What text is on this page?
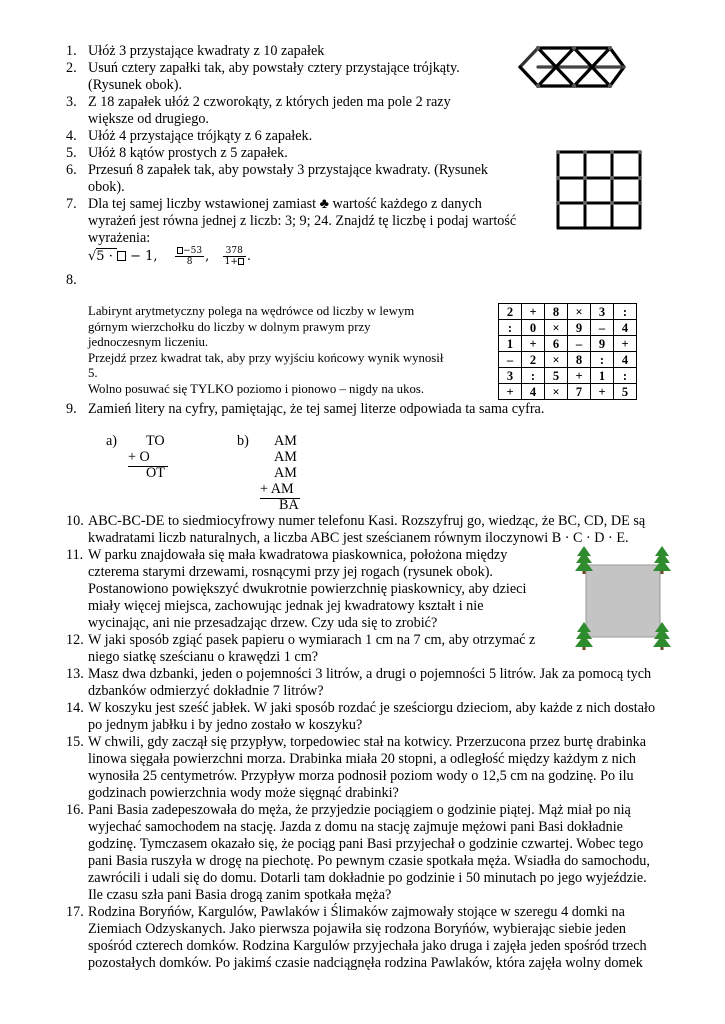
1. Ułóż 3 przystające kwadraty z 10 zapałek
2. Usuń cztery zapałki tak, aby powstały cztery przystające trójkąty.
(Rysunek obok).
3. Z 18 zapałek ułóż 2 czworokąty, z których jeden ma pole 2 razy
większe od drugiego.
4. Ułóż 4 przystające trójkąty z 6 zapałek.
5. Ułóż 8 kątów prostych z 5 zapałek.
6. Przesuń 8 zapałek tak, aby powstały 3 przystające kwadraty. (Rysunek
obok).
7. Dla tej samej liczby wstawionej zamiast ♣ wartość każdego z danych
wyrażeń jest równa jednej z liczb: 3; 9; 24. Znajdź tę liczbę i podaj wartość
wyrażenia:
√5 ·  − 1, $\frac{-53}{8}$ , $\frac{378}{1+}$ .
8.
Labirynt arytmetyczny polega na wędrówce od liczby w lewym
górnym wierzchołku do liczby w dolnym prawym przy
jednoczesnym liczeniu.
Przejdź przez kwadrat tak, aby przy wyjściu końcowy wynik wynosił
5.
Wolno posuwać się TYLKO poziomo i pionowo – nigdy na ukos.
2	+	8	×	3	:
:	0	×	9	–	4
1	+	6	–	9	+
–	2	×	8	:	4
3	:	5	+	1	:
+	4	×	7	+	5
9. Zamień litery na cyfry, pamiętając, że tej samej literze odpowiada ta sama cyfra.
a) TO
+ O
OT
b) AM
AM
AM
+ AM
BA
10. ABC-BC-DE to siedmiocyfrowy numer telefonu Kasi. Rozszyfruj go, wiedząc, że BC, CD, DE są
kwadratami liczb naturalnych, a liczba ABC jest sześcianem równym iloczynowi B · C · D · E.
11. W parku znajdowała się mała kwadratowa piaskownica, położona między
czterema starymi drzewami, rosnącymi przy jej rogach (rysunek obok).
Postanowiono powiększyć dwukrotnie powierzchnię piaskownicy, aby dzieci
miały więcej miejsca, zachowując jednak jej kwadratowy kształt i nie
wycinając, ani nie przesadzając drzew. Czy uda się to zrobić?
12. W jaki sposób zgiąć pasek papieru o wymiarach 1 cm na 7 cm, aby otrzymać z
niego siatkę sześcianu o krawędzi 1 cm?
13. Masz dwa dzbanki, jeden o pojemności 3 litrów, a drugi o pojemności 5 litrów. Jak za pomocą tych
dzbanków odmierzyć dokładnie 7 litrów?
14. W koszyku jest sześć jabłek. W jaki sposób rozdać je sześciorgu dzieciom, aby każde z nich dostało
po jednym jabłku i by jedno zostało w koszyku?
15. W chwili, gdy zaczął się przypływ, torpedowiec stał na kotwicy. Przerzucona przez burtę drabinka
linowa sięgała powierzchni morza. Drabinka miała 20 stopni, a odległość między każdym z nich
wynosiła 25 centymetrów. Przypływ morza podnosił poziom wody o 12,5 cm na godzinę. Po ilu
godzinach powierzchnia wody może sięgnąć drabinki?
16. Pani Basia zadepeszowała do męża, że przyjedzie pociągiem o godzinie piątej. Mąż miał po nią
wyjechać samochodem na stację. Jazda z domu na stację zajmuje mężowi pani Basi dokładnie
godzinę. Tymczasem okazało się, że pociąg pani Basi przyjechał o godzinie czwartej. Wobec tego
pani Basia ruszyła w drogę na piechotę. Po pewnym czasie spotkała męża. Wsiadła do samochodu,
zawrócili i udali się do domu. Dotarli tam dokładnie po godzinie i 50 minutach po jego wyjeździe.
Ile czasu szła pani Basia drogą zanim spotkała męża?
17. Rodzina Boryńów, Kargulów, Pawlaków i Ślimaków zajmowały stojące w szeregu 4 domki na
Ziemiach Odzyskanych. Jako pierwsza pojawiła się rodzona Boryńów, wybierając siebie jeden
spośród czterech domków. Rodzina Kargulów przyjechała jako druga i zajęła jeden spośród trzech
pozostałych domków. Po jakimś czasie nadciągnęła rodzina Pawlaków, która zajęła wolny domek
